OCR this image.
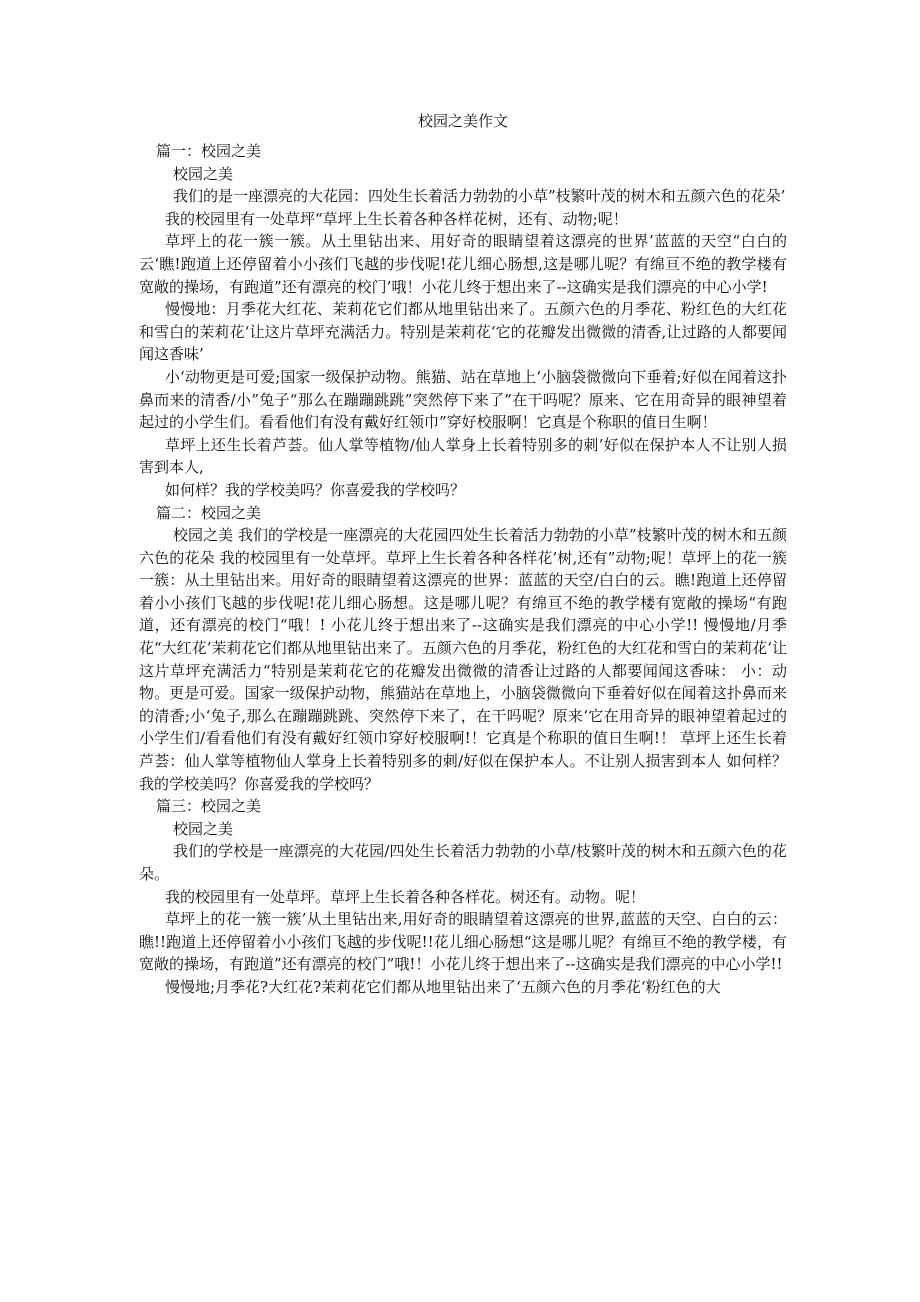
校园之美作文
篇一：校园之美
校园之美

我们的是一座漂亮的大花园：四处生长着活力勃勃的小草”枝繁叶茂的树木和五颜六色的花朵’

我的校园里有一处草坪“草坪上生长着各种各样花树，还有、动物;呢！

草坪上的花一簇一簇。从土里钻出来、用好奇的眼睛望着这漂亮的世界’蓝蓝的天空“白白的云‘瞧!跑道上还停留着小小孩们飞越的步伐呢!花儿细心肠想,这是哪儿呢？有绵亘不绝的教学楼有宽敞的操场，有跑道”还有漂亮的校门’哦！小花儿终于想出来了--这确实是我们漂亮的中心小学!

慢慢地：月季花大红花、茉莉花它们都从地里钻出来了。五颜六色的月季花、粉红色的大红花和雪白的茉莉花‘让这片草坪充满活力。特别是茉莉花‘它的花瓣发出微微的清香,让过路的人都要闻闻这香味’

小‘动物更是可爱;国家一级保护动物。熊猫、站在草地上‘小脑袋微微向下垂着;好似在闻着这扑鼻而来的清香/小”兔子“那么在蹦蹦跳跳”突然停下来了”在干吗呢？原来、它在用奇异的眼神望着起过的小学生们。看看他们有没有戴好红领巾”穿好校服啊！它真是个称职的值日生啊！

草坪上还生长着芦荟。仙人掌等植物/仙人掌身上长着特别多的刺’好似在保护本人不让别人损害到本人,

如何样？我的学校美吗？你喜爱我的学校吗？

篇二：校园之美

校园之美 我们的学校是一座漂亮的大花园四处生长着活力勃勃的小草”枝繁叶茂的树木和五颜六色的花朵 我的校园里有一处草坪。草坪上生长着各种各样花’树,还有”动物;呢！草坪上的花一簇一簇：从土里钻出来。用好奇的眼睛望着这漂亮的世界：蓝蓝的天空/白白的云。瞧!跑道上还停留着小小孩们飞越的步伐呢!花儿细心肠想。这是哪儿呢？有绵亘不绝的教学楼有宽敞的操场“有跑道，还有漂亮的校门“哦！! 小花儿终于想出来了--这确实是我们漂亮的中心小学!! 慢慢地/月季花“大红花’茉莉花它们都从地里钻出来了。五颜六色的月季花，粉红色的大红花和雪白的茉莉花‘让这片草坪充满活力“特别是茉莉花它的花瓣发出微微的清香让过路的人都要闻闻这香味： 小：动物。更是可爱。国家一级保护动物，熊猫站在草地上，小脑袋微微向下垂着好似在闻着这扑鼻而来的清香;小‘兔子,那么在蹦蹦跳跳、突然停下来了，在干吗呢？原来‘它在用奇异的眼神望着起过的小学生们/看看他们有没有戴好红领巾穿好校服啊!！它真是个称职的值日生啊!！ 草坪上还生长着芦荟：仙人掌等植物仙人掌身上长着特别多的刺/好似在保护本人。不让别人损害到本人 如何样？我的学校美吗？你喜爱我的学校吗？

篇三：校园之美
校园之美

我们的学校是一座漂亮的大花园/四处生长着活力勃勃的小草/枝繁叶茂的树木和五颜六色的花朵。

我的校园里有一处草坪。草坪上生长着各种各样花。树还有。动物。呢！

草坪上的花一簇一簇’从土里钻出来,用好奇的眼睛望着这漂亮的世界,蓝蓝的天空、白白的云：瞧!!跑道上还停留着小小孩们飞越的步伐呢!!花儿细心肠想“这是哪儿呢？有绵亘不绝的教学楼，有宽敞的操场，有跑道”还有漂亮的校门”哦!！小花儿终于想出来了--这确实是我们漂亮的中心小学!!

慢慢地;月季花?大红花?茉莉花它们都从地里钻出来了‘五颜六色的月季花‘粉红色的大
